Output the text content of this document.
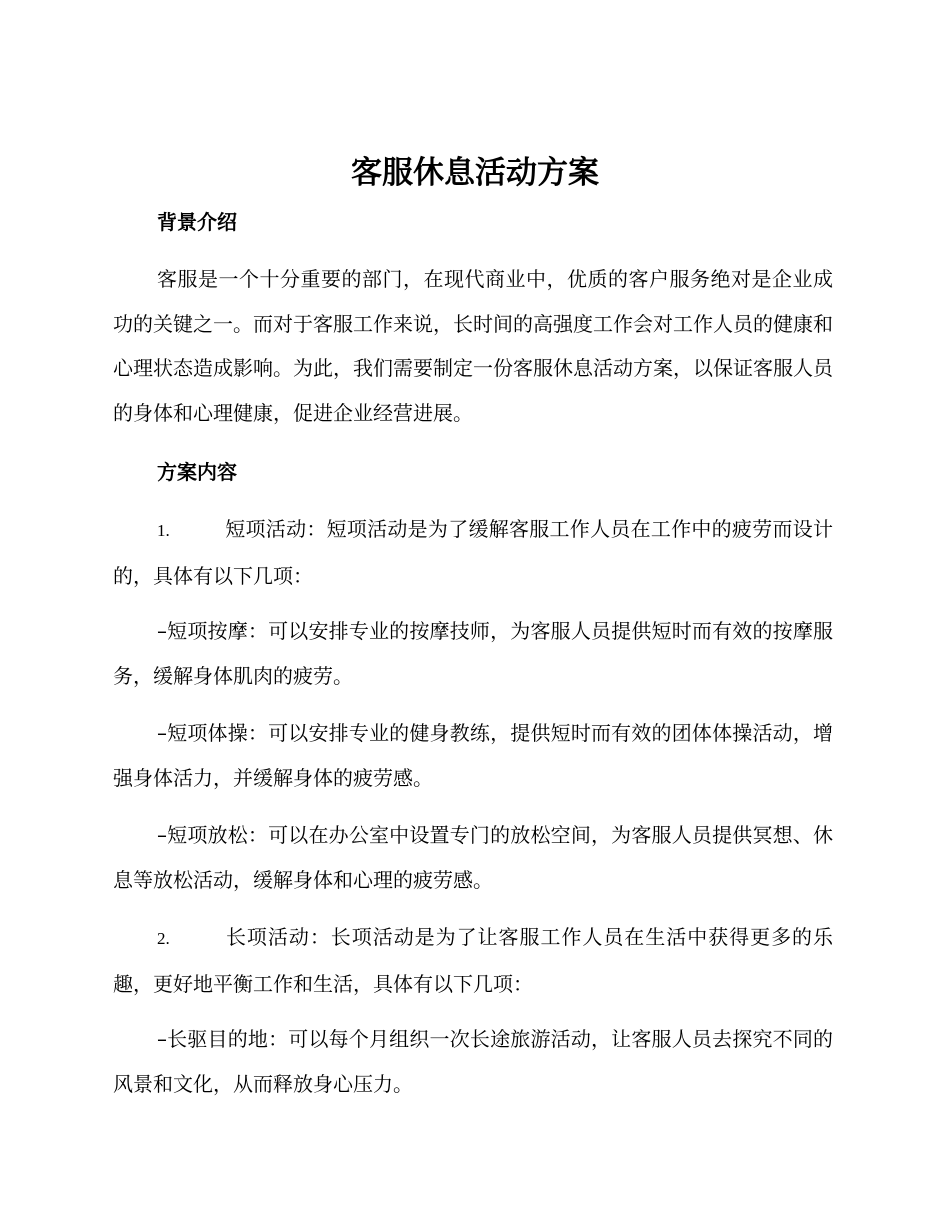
客服休息活动方案
背景介绍
客服是一个十分重要的部门，在现代商业中，优质的客户服务绝对是企业成功的关键之一。而对于客服工作来说，长时间的高强度工作会对工作人员的健康和心理状态造成影响。为此，我们需要制定一份客服休息活动方案，以保证客服人员的身体和心理健康，促进企业经营进展。
方案内容
1.	短项活动：短项活动是为了缓解客服工作人员在工作中的疲劳而设计的，具体有以下几项：
–短项按摩：可以安排专业的按摩技师，为客服人员提供短时而有效的按摩服务，缓解身体肌肉的疲劳。
–短项体操：可以安排专业的健身教练，提供短时而有效的团体体操活动，增强身体活力，并缓解身体的疲劳感。
–短项放松：可以在办公室中设置专门的放松空间，为客服人员提供冥想、休息等放松活动，缓解身体和心理的疲劳感。
2.	长项活动：长项活动是为了让客服工作人员在生活中获得更多的乐趣，更好地平衡工作和生活，具体有以下几项：
–长驱目的地：可以每个月组织一次长途旅游活动，让客服人员去探究不同的风景和文化，从而释放身心压力。
